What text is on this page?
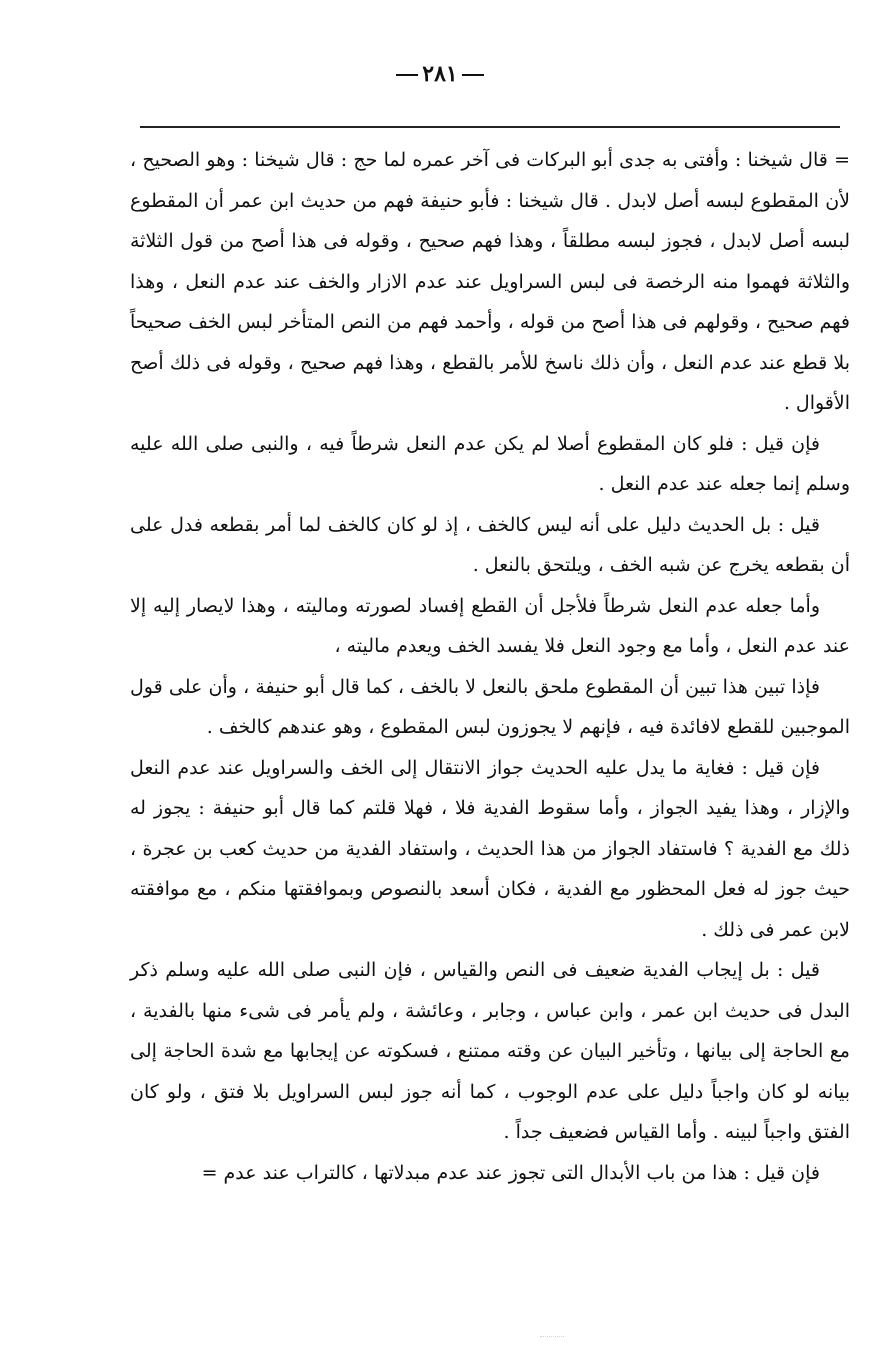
٢٨١

= قال شيخنا : وأفتى به جدى أبو البركات فى آخر عمره لما حج : قال شيخنا : وهو الصحيح ، لأن المقطوع لبسه أصل لابدل . قال شيخنا : فأبو حنيفة فهم من حديث ابن عمر أن المقطوع لبسه أصل لابدل ، فجوز لبسه مطلقاً ، وهذا فهم صحيح ، وقوله فى هذا أصح من قول الثلاثة والثلاثة فهموا منه الرخصة فى لبس السراويل عند عدم الازار والخف عند عدم النعل ، وهذا فهم صحيح ، وقولهم فى هذا أصح من قوله ، وأحمد فهم من النص المتأخر لبس الخف صحيحاً بلا قطع عند عدم النعل ، وأن ذلك ناسخ للأمر بالقطع ، وهذا فهم صحيح ، وقوله فى ذلك أصح الأقوال .

فإن قيل : فلو كان المقطوع أصلا لم يكن عدم النعل شرطاً فيه ، والنبى صلى الله عليه وسلم إنما جعله عند عدم النعل .

قيل : بل الحديث دليل على أنه ليس كالخف ، إذ لو كان كالخف لما أمر بقطعه فدل على أن بقطعه يخرج عن شبه الخف ، ويلتحق بالنعل .

وأما جعله عدم النعل شرطاً فلأجل أن القطع إفساد لصورته وماليته ، وهذا لايصار إليه إلا عند عدم النعل ، وأما مع وجود النعل فلا يفسد الخف ويعدم ماليته ،

فإذا تبين هذا تبين أن المقطوع ملحق بالنعل لا بالخف ، كما قال أبو حنيفة ، وأن على قول الموجبين للقطع لافائدة فيه ، فإنهم لا يجوزون لبس المقطوع ، وهو عندهم كالخف .

فإن قيل : فغاية ما يدل عليه الحديث جواز الانتقال إلى الخف والسراويل عند عدم النعل والإزار ، وهذا يفيد الجواز ، وأما سقوط الفدية فلا ، فهلا قلتم كما قال أبو حنيفة : يجوز له ذلك مع الفدية ؟ فاستفاد الجواز من هذا الحديث ، واستفاد الفدية من حديث كعب بن عجرة ، حيث جوز له فعل المحظور مع الفدية ، فكان أسعد بالنصوص وبموافقتها منكم ، مع موافقته لابن عمر فى ذلك .

قيل : بل إيجاب الفدية ضعيف فى النص والقياس ، فإن النبى صلى الله عليه وسلم ذكر البدل فى حديث ابن عمر ، وابن عباس ، وجابر ، وعائشة ، ولم يأمر فى شىء منها بالفدية ، مع الحاجة إلى بيانها ، وتأخير البيان عن وقته ممتنع ، فسكوته عن إيجابها مع شدة الحاجة إلى بيانه لو كان واجباً دليل على عدم الوجوب ، كما أنه جوز لبس السراويل بلا فتق ، ولو كان الفتق واجباً لبينه . وأما القياس فضعيف جداً .

فإن قيل : هذا من باب الأبدال التى تجوز عند عدم مبدلاتها ، كالتراب عند عدم =
